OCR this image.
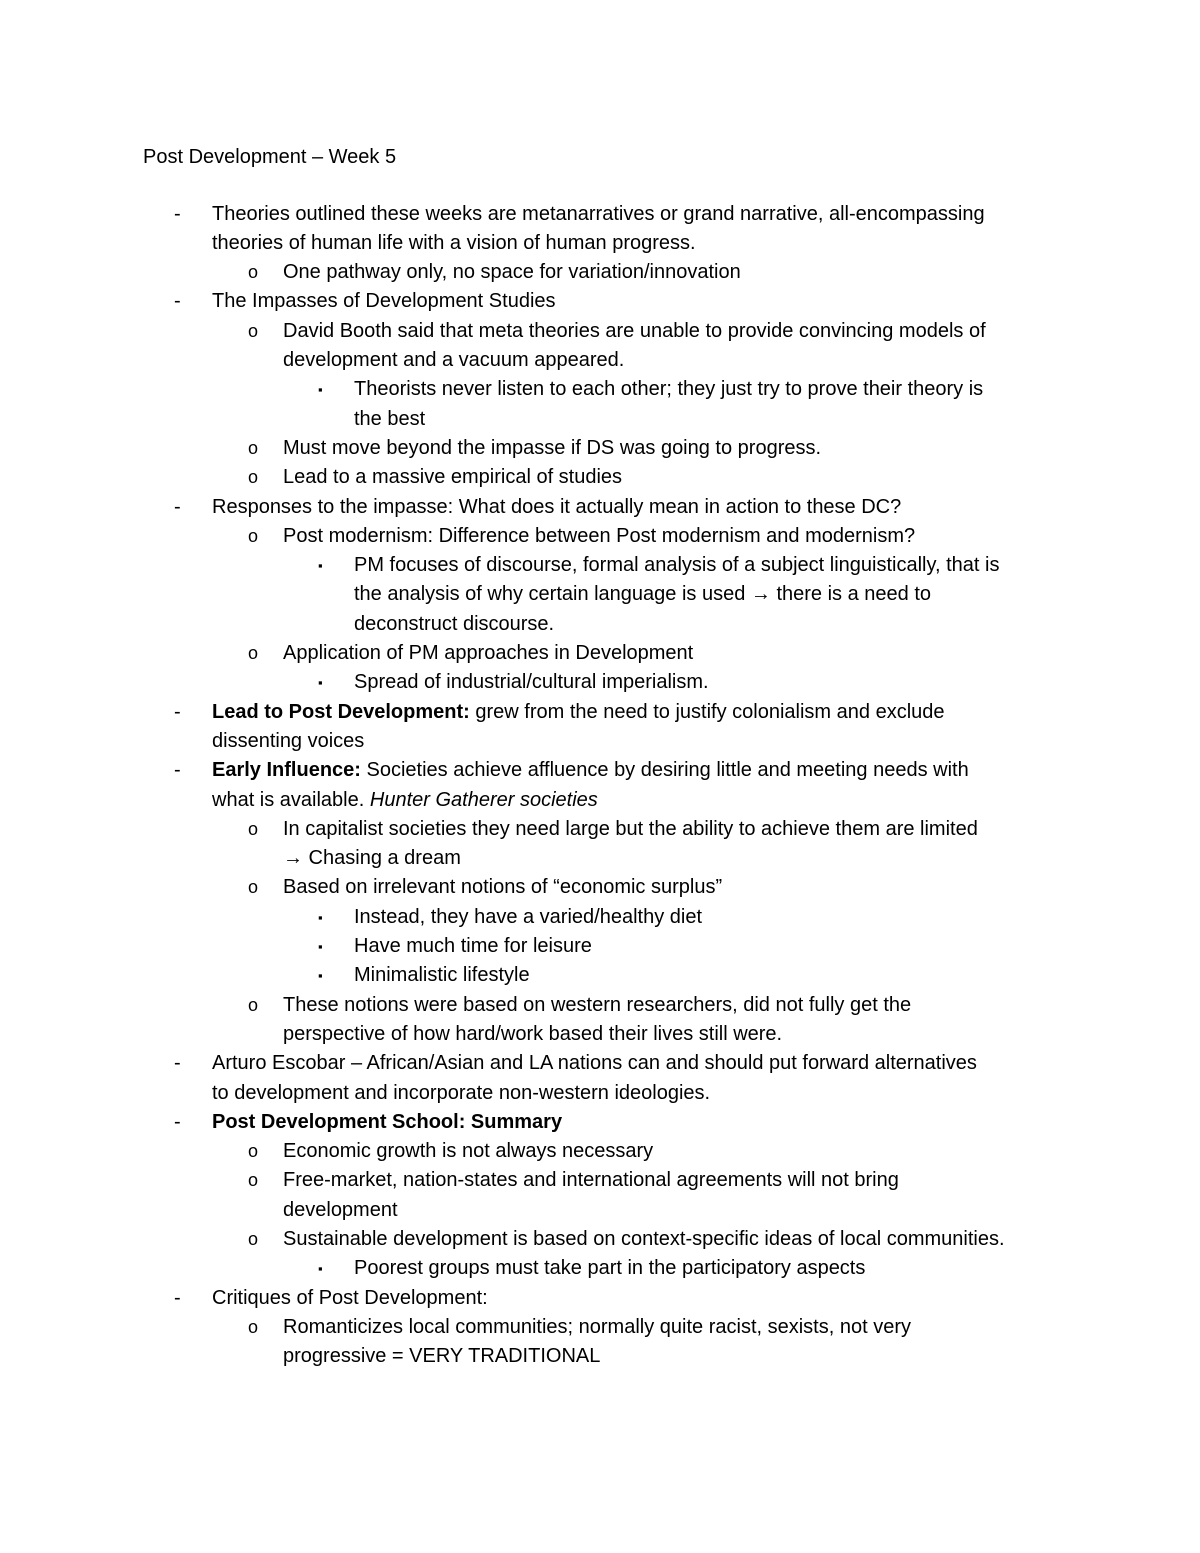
Post Development – Week 5
- Theories outlined these weeks are metanarratives or grand narrative, all-encompassing
theories of human life with a vision of human progress.
o One pathway only, no space for variation/innovation
- The Impasses of Development Studies
o David Booth said that meta theories are unable to provide convincing models of
development and a vacuum appeared.
▪ Theorists never listen to each other; they just try to prove their theory is
the best
o Must move beyond the impasse if DS was going to progress.
o Lead to a massive empirical of studies
- Responses to the impasse: What does it actually mean in action to these DC?
o Post modernism: Difference between Post modernism and modernism?
▪ PM focuses of discourse, formal analysis of a subject linguistically, that is
the analysis of why certain language is used → there is a need to
deconstruct discourse.
o Application of PM approaches in Development
▪ Spread of industrial/cultural imperialism.
- Lead to Post Development: grew from the need to justify colonialism and exclude
dissenting voices
- Early Influence: Societies achieve affluence by desiring little and meeting needs with
what is available. Hunter Gatherer societies
o In capitalist societies they need large but the ability to achieve them are limited
→ Chasing a dream
o Based on irrelevant notions of “economic surplus”
▪ Instead, they have a varied/healthy diet
▪ Have much time for leisure
▪ Minimalistic lifestyle
o These notions were based on western researchers, did not fully get the
perspective of how hard/work based their lives still were.
- Arturo Escobar – African/Asian and LA nations can and should put forward alternatives
to development and incorporate non-western ideologies.
- Post Development School: Summary
o Economic growth is not always necessary
o Free-market, nation-states and international agreements will not bring
development
o Sustainable development is based on context-specific ideas of local communities.
▪ Poorest groups must take part in the participatory aspects
- Critiques of Post Development:
o Romanticizes local communities; normally quite racist, sexists, not very
progressive = VERY TRADITIONAL
